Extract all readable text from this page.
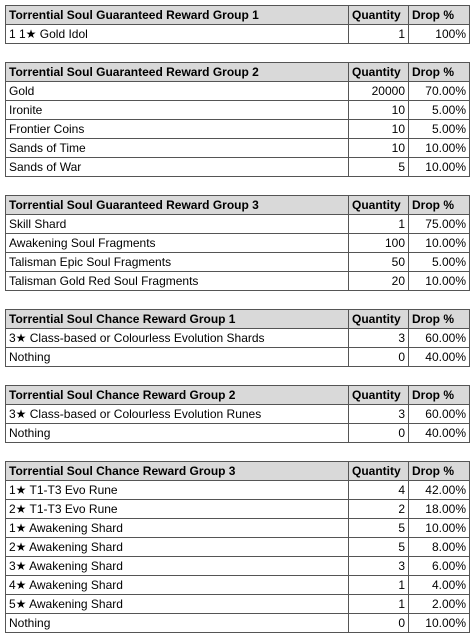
Torrential Soul Guaranteed Reward Group 1	Quantity	Drop %
1 1★ Gold Idol	1	100%
Torrential Soul Guaranteed Reward Group 2	Quantity	Drop %
Gold	20000	70.00%
Ironite	10	5.00%
Frontier Coins	10	5.00%
Sands of Time	10	10.00%
Sands of War	5	10.00%
Torrential Soul Guaranteed Reward Group 3	Quantity	Drop %
Skill Shard	1	75.00%
Awakening Soul Fragments	100	10.00%
Talisman Epic Soul Fragments	50	5.00%
Talisman Gold Red Soul Fragments	20	10.00%
Torrential Soul Chance Reward Group 1	Quantity	Drop %
3★ Class-based or Colourless Evolution Shards	3	60.00%
Nothing	0	40.00%
Torrential Soul Chance Reward Group 2	Quantity	Drop %
3★ Class-based or Colourless Evolution Runes	3	60.00%
Nothing	0	40.00%
Torrential Soul Chance Reward Group 3	Quantity	Drop %
1★ T1-T3 Evo Rune	4	42.00%
2★ T1-T3 Evo Rune	2	18.00%
1★ Awakening Shard	5	10.00%
2★ Awakening Shard	5	8.00%
3★ Awakening Shard	3	6.00%
4★ Awakening Shard	1	4.00%
5★ Awakening Shard	1	2.00%
Nothing	0	10.00%
